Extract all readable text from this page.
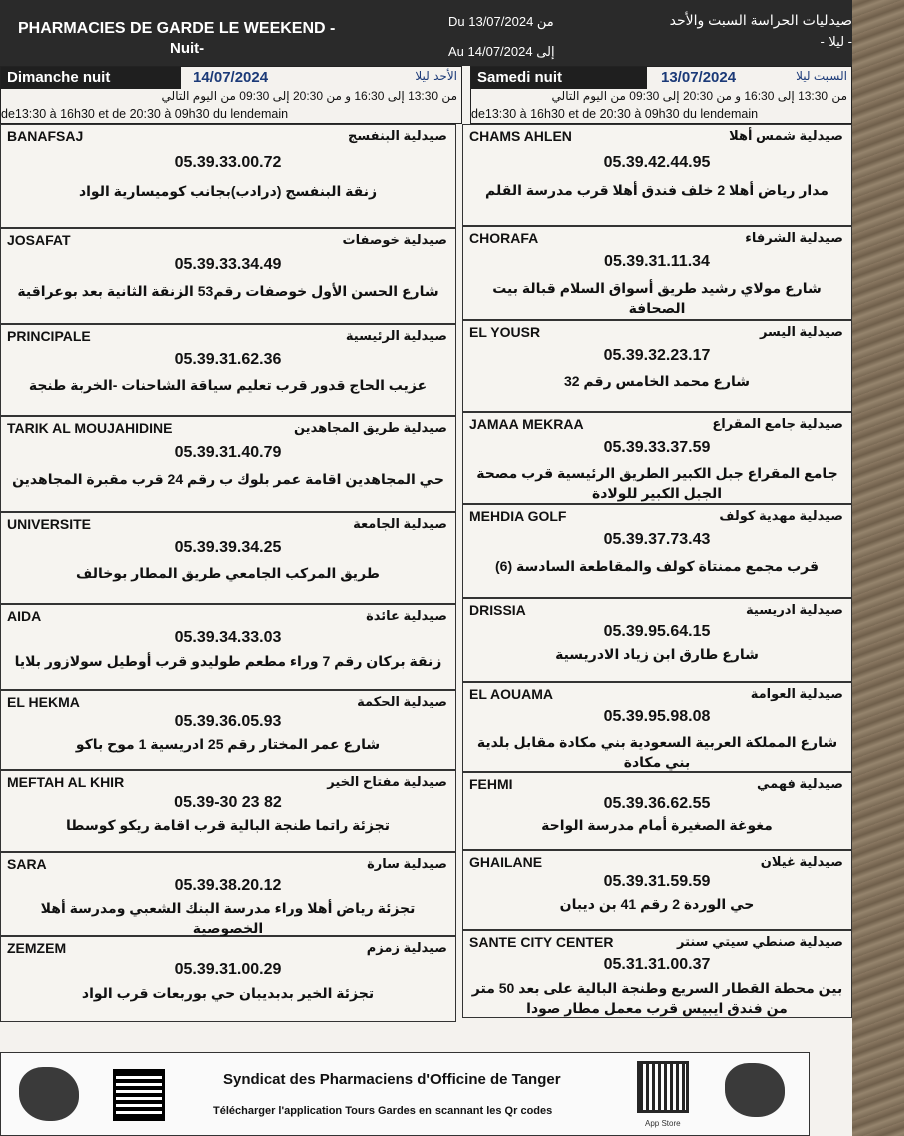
PHARMACIES DE GARDE LE WEEKEND -
Nuit-
Du 13/07/2024 من
Au 14/07/2024 إلى
صيدليات الحراسة السبت والأحد
- ليلا -
Dimanche nuit	14/07/2024	الأحد ليلا
من 13:30 إلى 16:30 و من 20:30 إلى 09:30 من اليوم التالي
de13:30 à 16h30 et de 20:30 à 09h30 du lendemain
Samedi nuit	13/07/2024	السبت ليلا
من 13:30 إلى 16:30 و من 20:30 إلى 09:30 من اليوم التالي
de13:30 à 16h30 et de 20:30 à 09h30 du lendemain
BANAFSAJ	صيدلية البنفسج
05.39.33.00.72
زنقة البنفسج (درادب)بجانب كوميسارية الواد
JOSAFAT	صيدلية خوصفات
05.39.33.34.49
شارع الحسن الأول خوصفات رقم53 الزنقة الثانية بعد بوعراقية
PRINCIPALE	صيدلية الرئيسية
05.39.31.62.36
عزيب الحاج قدور قرب تعليم سياقة الشاحنات -الخربة طنجة
TARIK AL MOUJAHIDINE	صيدلية طريق المجاهدين
05.39.31.40.79
حي المجاهدين اقامة عمر بلوك ب رقم 24 قرب مقبرة المجاهدين
UNIVERSITE	صيدلية الجامعة
05.39.39.34.25
طريق المركب الجامعي طريق المطار بوخالف
AIDA	صيدلية عائدة
05.39.34.33.03
زنقة بركان رقم 7 وراء مطعم طوليدو قرب أوطيل سولازور بلايا
EL HEKMA	صيدلية الحكمة
05.39.36.05.93
شارع عمر المختار رقم 25 ادريسية 1 موح باكو
MEFTAH AL KHIR	صيدلية مفتاح الخير
05.39-30 23 82
تجزئة راتما طنجة البالية قرب اقامة ريكو كوسطا
SARA	صيدلية سارة
05.39.38.20.12
تجزئة رياض أهلا وراء مدرسة البنك الشعبي ومدرسة أهلا الخصوصية
ZEMZEM	صيدلية زمزم
05.39.31.00.29
تجزئة الخير بدبديبان حي بوربعات قرب الواد
CHAMS AHLEN	صيدلية شمس أهلا
05.39.42.44.95
مدار رياض أهلا 2 خلف فندق أهلا قرب مدرسة القلم
CHORAFA	صيدلية الشرفاء
05.39.31.11.34
شارع مولاي رشيد طريق أسواق السلام قبالة بيت الصحافة
EL YOUSR	صيدلية اليسر
05.39.32.23.17
شارع محمد الخامس رقم 32
JAMAA MEKRAA	صيدلية جامع المقراع
05.39.33.37.59
جامع المقراع جبل الكبير الطريق الرئيسية قرب مصحة الجبل الكبير للولادة
MEHDIA GOLF	صيدلية مهدية كولف
05.39.37.73.43
قرب مجمع ممنتاة كولف والمقاطعة السادسة (6)
DRISSIA	صيدلية ادريسية
05.39.95.64.15
شارع طارق ابن زياد الادريسية
EL AOUAMA	صيدلية العوامة
05.39.95.98.08
شارع المملكة العربية السعودية بني مكادة مقابل بلدية بني مكادة
FEHMI	صيدلية فهمي
05.39.36.62.55
مغوغة الصغيرة أمام مدرسة الواحة
GHAILANE	صيدلية غيلان
05.39.31.59.59
حي الوردة 2 رقم 41 بن ديبان
SANTE CITY CENTER	صيدلية صنطي سيتي سنتر
05.31.31.00.37
بين محطة القطار السريع وطنجة البالية على بعد 50 متر من فندق ايبيس قرب معمل مطار صودا
Syndicat des Pharmaciens d'Officine de Tanger
Télécharger l'application Tours Gardes en scannant les Qr codes
App Store
